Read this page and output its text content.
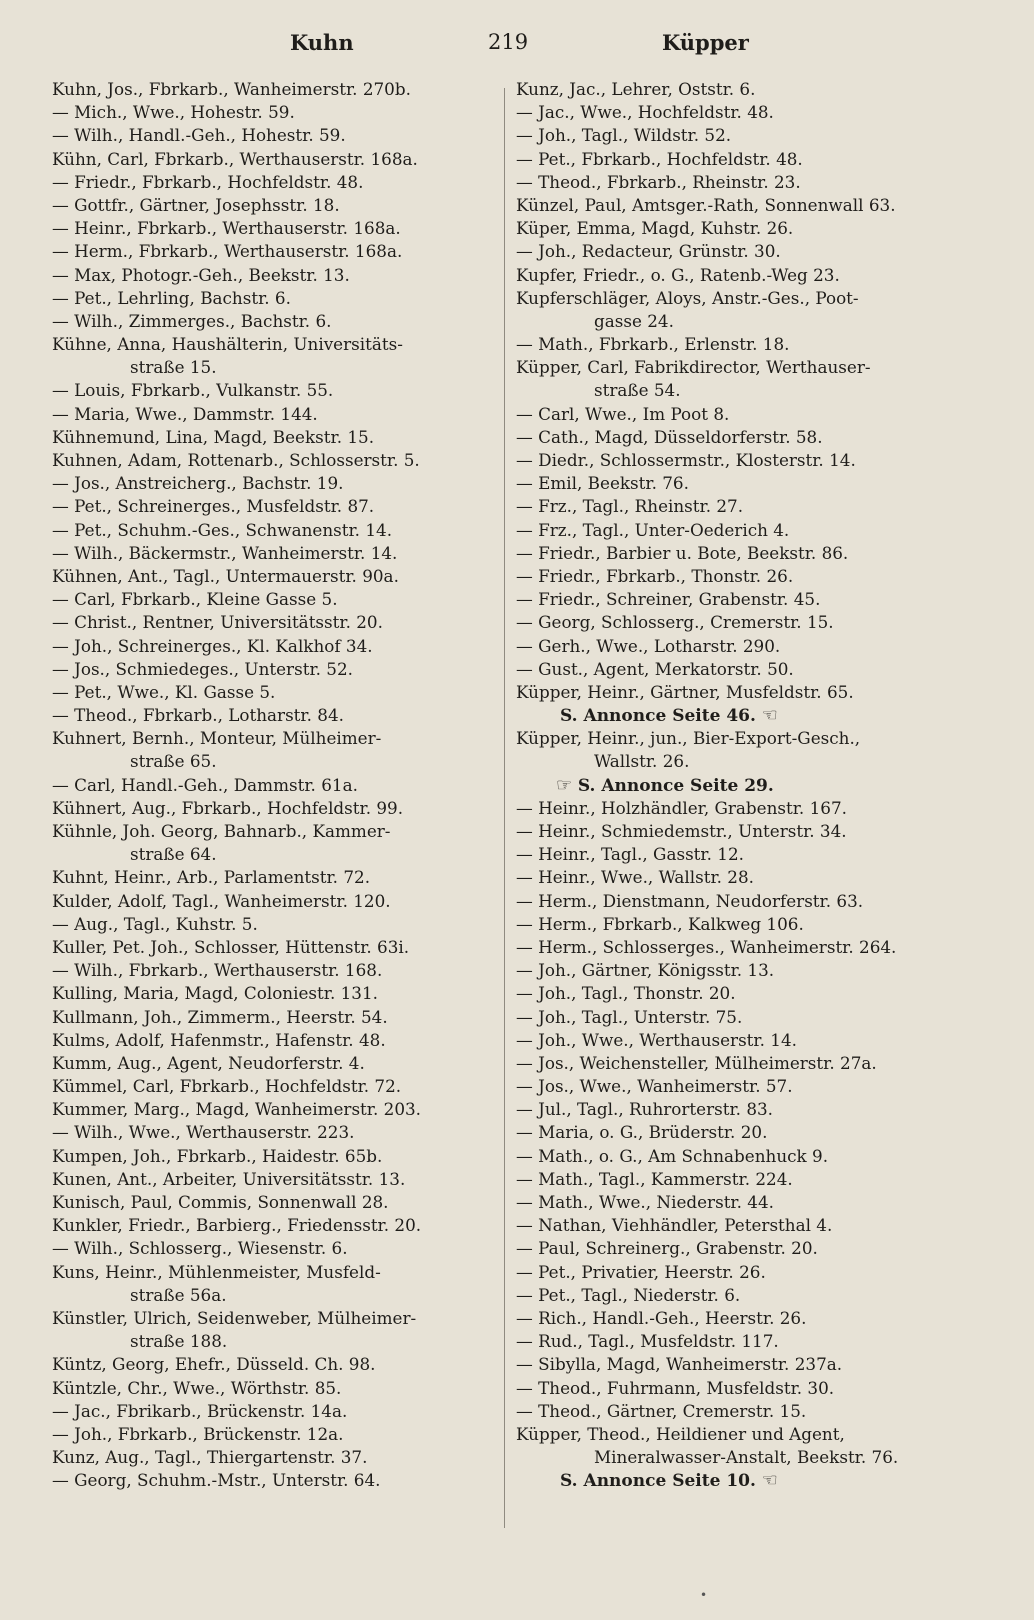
Kuhn	219	Küpper
Kuhn, Jos., Fbrkarb., Wanheimerstr. 270b.
— Mich., Wwe., Hohestr. 59.
— Wilh., Handl.-Geh., Hohestr. 59.
Kühn, Carl, Fbrkarb., Werthauserstr. 168a.
— Friedr., Fbrkarb., Hochfeldstr. 48.
— Gottfr., Gärtner, Josephsstr. 18.
— Heinr., Fbrkarb., Werthauserstr. 168a.
— Herm., Fbrkarb., Werthauserstr. 168a.
— Max, Photogr.-Geh., Beekstr. 13.
— Pet., Lehrling, Bachstr. 6.
— Wilh., Zimmerges., Bachstr. 6.
Kühne, Anna, Haushälterin, Universitäts-
straße 15.
— Louis, Fbrkarb., Vulkanstr. 55.
— Maria, Wwe., Dammstr. 144.
Kühnemund, Lina, Magd, Beekstr. 15.
Kuhnen, Adam, Rottenarb., Schlosserstr. 5.
— Jos., Anstreicherg., Bachstr. 19.
— Pet., Schreinerges., Musfeldstr. 87.
— Pet., Schuhm.-Ges., Schwanenstr. 14.
— Wilh., Bäckermstr., Wanheimerstr. 14.
Kühnen, Ant., Tagl., Untermauerstr. 90a.
— Carl, Fbrkarb., Kleine Gasse 5.
— Christ., Rentner, Universitätsstr. 20.
— Joh., Schreinerges., Kl. Kalkhof 34.
— Jos., Schmiedeges., Unterstr. 52.
— Pet., Wwe., Kl. Gasse 5.
— Theod., Fbrkarb., Lotharstr. 84.
Kuhnert, Bernh., Monteur, Mülheimer-
straße 65.
— Carl, Handl.-Geh., Dammstr. 61a.
Kühnert, Aug., Fbrkarb., Hochfeldstr. 99.
Kühnle, Joh. Georg, Bahnarb., Kammer-
straße 64.
Kuhnt, Heinr., Arb., Parlamentstr. 72.
Kulder, Adolf, Tagl., Wanheimerstr. 120.
— Aug., Tagl., Kuhstr. 5.
Kuller, Pet. Joh., Schlosser, Hüttenstr. 63i.
— Wilh., Fbrkarb., Werthauserstr. 168.
Kulling, Maria, Magd, Coloniestr. 131.
Kullmann, Joh., Zimmerm., Heerstr. 54.
Kulms, Adolf, Hafenmstr., Hafenstr. 48.
Kumm, Aug., Agent, Neudorferstr. 4.
Kümmel, Carl, Fbrkarb., Hochfeldstr. 72.
Kummer, Marg., Magd, Wanheimerstr. 203.
— Wilh., Wwe., Werthauserstr. 223.
Kumpen, Joh., Fbrkarb., Haidestr. 65b.
Kunen, Ant., Arbeiter, Universitätsstr. 13.
Kunisch, Paul, Commis, Sonnenwall 28.
Kunkler, Friedr., Barbierg., Friedensstr. 20.
— Wilh., Schlosserg., Wiesenstr. 6.
Kuns, Heinr., Mühlenmeister, Musfeld-
straße 56a.
Künstler, Ulrich, Seidenweber, Mülheimer-
straße 188.
Küntz, Georg, Ehefr., Düsseld. Ch. 98.
Küntzle, Chr., Wwe., Wörthstr. 85.
— Jac., Fbrikarb., Brückenstr. 14a.
— Joh., Fbrkarb., Brückenstr. 12a.
Kunz, Aug., Tagl., Thiergartenstr. 37.
— Georg, Schuhm.-Mstr., Unterstr. 64.
Kunz, Jac., Lehrer, Oststr. 6.
— Jac., Wwe., Hochfeldstr. 48.
— Joh., Tagl., Wildstr. 52.
— Pet., Fbrkarb., Hochfeldstr. 48.
— Theod., Fbrkarb., Rheinstr. 23.
Künzel, Paul, Amtsger.-Rath, Sonnenwall 63.
Küper, Emma, Magd, Kuhstr. 26.
— Joh., Redacteur, Grünstr. 30.
Kupfer, Friedr., o. G., Ratenb.-Weg 23.
Kupferschläger, Aloys, Anstr.-Ges., Poot-
gasse 24.
— Math., Fbrkarb., Erlenstr. 18.
Küpper, Carl, Fabrikdirector, Werthauser-
straße 54.
— Carl, Wwe., Im Poot 8.
— Cath., Magd, Düsseldorferstr. 58.
— Diedr., Schlossermstr., Klosterstr. 14.
— Emil, Beekstr. 76.
— Frz., Tagl., Rheinstr. 27.
— Frz., Tagl., Unter-Oederich 4.
— Friedr., Barbier u. Bote, Beekstr. 86.
— Friedr., Fbrkarb., Thonstr. 26.
— Friedr., Schreiner, Grabenstr. 45.
— Georg, Schlosserg., Cremerstr. 15.
— Gerh., Wwe., Lotharstr. 290.
— Gust., Agent, Merkatorstr. 50.
Küpper, Heinr., Gärtner, Musfeldstr. 65.
S. Annonce Seite 46. ☜
Küpper, Heinr., jun., Bier-Export-Gesch.,
Wallstr. 26.
☞ S. Annonce Seite 29.
— Heinr., Holzhändler, Grabenstr. 167.
— Heinr., Schmiedemstr., Unterstr. 34.
— Heinr., Tagl., Gasstr. 12.
— Heinr., Wwe., Wallstr. 28.
— Herm., Dienstmann, Neudorferstr. 63.
— Herm., Fbrkarb., Kalkweg 106.
— Herm., Schlosserges., Wanheimerstr. 264.
— Joh., Gärtner, Königsstr. 13.
— Joh., Tagl., Thonstr. 20.
— Joh., Tagl., Unterstr. 75.
— Joh., Wwe., Werthauserstr. 14.
— Jos., Weichensteller, Mülheimerstr. 27a.
— Jos., Wwe., Wanheimerstr. 57.
— Jul., Tagl., Ruhrorterstr. 83.
— Maria, o. G., Brüderstr. 20.
— Math., o. G., Am Schnabenhuck 9.
— Math., Tagl., Kammerstr. 224.
— Math., Wwe., Niederstr. 44.
— Nathan, Viehhändler, Petersthal 4.
— Paul, Schreinerg., Grabenstr. 20.
— Pet., Privatier, Heerstr. 26.
— Pet., Tagl., Niederstr. 6.
— Rich., Handl.-Geh., Heerstr. 26.
— Rud., Tagl., Musfeldstr. 117.
— Sibylla, Magd, Wanheimerstr. 237a.
— Theod., Fuhrmann, Musfeldstr. 30.
— Theod., Gärtner, Cremerstr. 15.
Küpper, Theod., Heildiener und Agent,
Mineralwasser-Anstalt, Beekstr. 76.
S. Annonce Seite 10. ☜
•
